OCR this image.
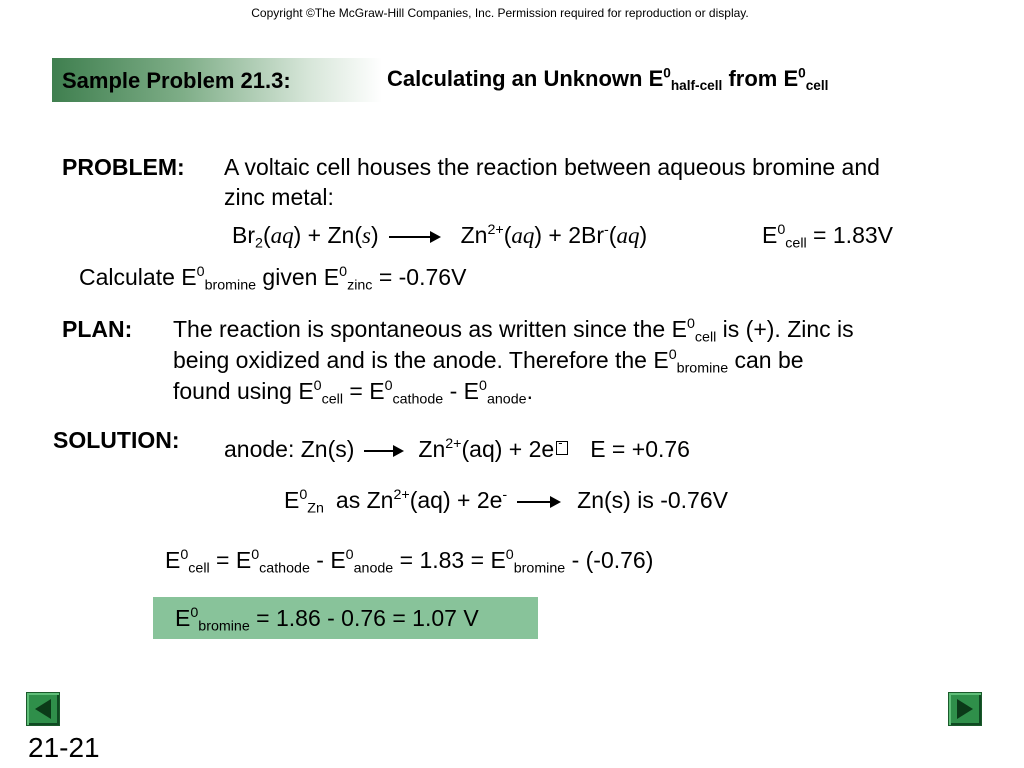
Copyright ©The McGraw-Hill Companies, Inc. Permission required for reproduction or display.
Sample Problem 21.3:	Calculating an Unknown $E^0_{half-cell}$ from $E^0_{cell}$
PROBLEM: A voltaic cell houses the reaction between aqueous bromine and
zinc metal:
$Br_2(aq) + Zn(s) \to Zn^{2+}(aq) + 2Br^-(aq)$	$E^0_{cell} = 1.83V$
Calculate $E^0_{bromine}$ given $E^0_{zinc} = -0.76V$
PLAN: The reaction is spontaneous as written since the $E^0_{cell}$ is (+). Zinc is
being oxidized and is the anode. Therefore the $E^0_{bromine}$ can be
found using $E^0_{cell} = E^0_{cathode} - E^0_{anode}$.
SOLUTION: anode: Zn(s)	$Zn^{2+}(aq) + 2e - E = +0.76$
$E^0_{Zn}$ as $Zn^{2+}(aq) + 2e^-$	Zn(s) is -0.76V
$E^0_{cell} = E^0_{cathode} - E^0_{anode} = 1.83 = E^0_{bromine} - (-0.76)$
$E^0_{bromine} = 1.86 - 0.76 = 1.07$ V
21-21
